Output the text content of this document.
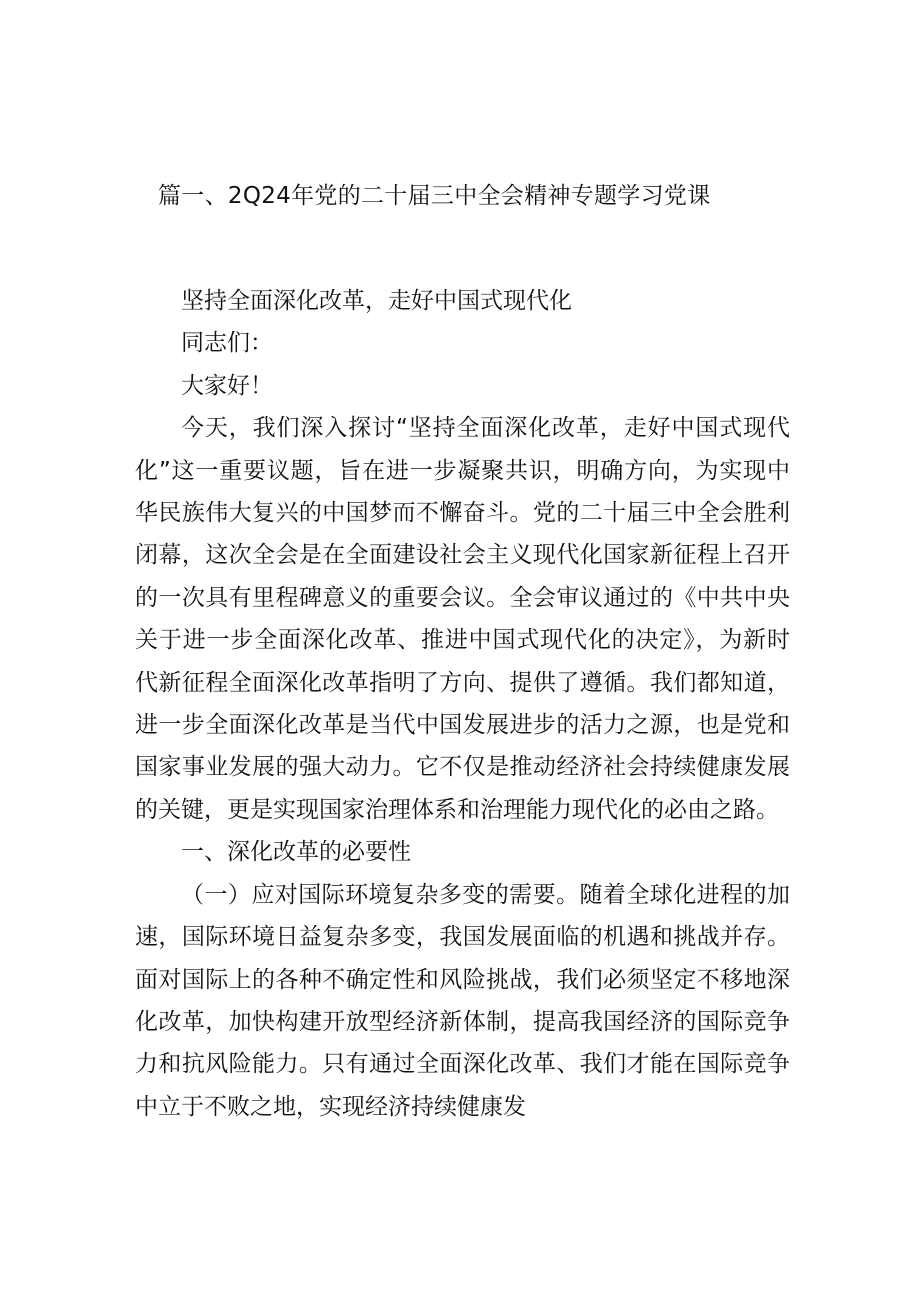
篇一、2Q24年党的二十届三中全会精神专题学习党课

坚持全面深化改革，走好中国式现代化

同志们：

大家好！

今天，我们深入探讨“坚持全面深化改革，走好中国式现代化”这一重要议题，旨在进一步凝聚共识，明确方向，为实现中华民族伟大复兴的中国梦而不懈奋斗。党的二十届三中全会胜利闭幕，这次全会是在全面建设社会主义现代化国家新征程上召开的一次具有里程碑意义的重要会议。全会审议通过的《中共中央关于进一步全面深化改革、推进中国式现代化的决定》，为新时代新征程全面深化改革指明了方向、提供了遵循。我们都知道，进一步全面深化改革是当代中国发展进步的活力之源，也是党和国家事业发展的强大动力。它不仅是推动经济社会持续健康发展的关键，更是实现国家治理体系和治理能力现代化的必由之路。

一、深化改革的必要性

（一）应对国际环境复杂多变的需要。随着全球化进程的加速，国际环境日益复杂多变，我国发展面临的机遇和挑战并存。面对国际上的各种不确定性和风险挑战，我们必须坚定不移地深化改革，加快构建开放型经济新体制，提高我国经济的国际竞争力和抗风险能力。只有通过全面深化改革、我们才能在国际竞争中立于不败之地，实现经济持续健康发
